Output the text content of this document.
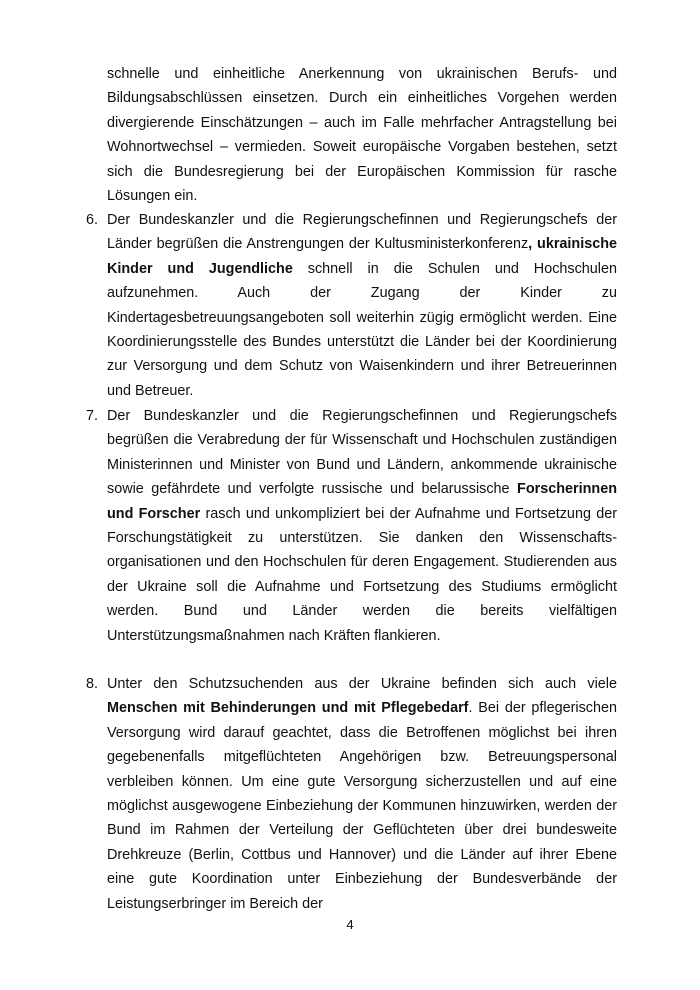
schnelle und einheitliche Anerkennung von ukrainischen Berufs- und Bildungsabschlüssen einsetzen. Durch ein einheitliches Vorgehen werden divergierende Einschätzungen – auch im Falle mehrfacher Antragstellung bei Wohnortwechsel – vermieden. Soweit europäische Vorgaben bestehen, setzt sich die Bundesregierung bei der Europäischen Kommission für rasche Lösungen ein.

6. Der Bundeskanzler und die Regierungschefinnen und Regierungschefs der Länder begrüßen die Anstrengungen der Kultusministerkonferenz, ukrainische Kinder und Jugendliche schnell in die Schulen und Hochschulen aufzunehmen. Auch der Zugang der Kinder zu Kindertagesbetreuungsangeboten soll weiterhin zügig ermöglicht werden. Eine Koordinierungsstelle des Bundes unterstützt die Länder bei der Koordinierung zur Versorgung und dem Schutz von Waisenkindern und ihrer Betreuerinnen und Betreuer.

7. Der Bundeskanzler und die Regierungschefinnen und Regierungschefs begrüßen die Verabredung der für Wissenschaft und Hochschulen zuständigen Ministerinnen und Minister von Bund und Ländern, ankommende ukrainische sowie gefährdete und verfolgte russische und belarussische Forscherinnen und Forscher rasch und unkompliziert bei der Aufnahme und Fortsetzung der Forschungstätigkeit zu unterstützen. Sie danken den Wissenschafts-organisationen und den Hochschulen für deren Engagement. Studierenden aus der Ukraine soll die Aufnahme und Fortsetzung des Studiums ermöglicht werden. Bund und Länder werden die bereits vielfältigen Unterstützungsmaßnahmen nach Kräften flankieren.

8. Unter den Schutzsuchenden aus der Ukraine befinden sich auch viele Menschen mit Behinderungen und mit Pflegebedarf. Bei der pflegerischen Versorgung wird darauf geachtet, dass die Betroffenen möglichst bei ihren gegebenenfalls mitgeflüchteten Angehörigen bzw. Betreuungspersonal verbleiben können. Um eine gute Versorgung sicherzustellen und auf eine möglichst ausgewogene Einbeziehung der Kommunen hinzuwirken, werden der Bund im Rahmen der Verteilung der Geflüchteten über drei bundesweite Drehkreuze (Berlin, Cottbus und Hannover) und die Länder auf ihrer Ebene eine gute Koordination unter Einbeziehung der Bundesverbände der Leistungserbringer im Bereich der

4
